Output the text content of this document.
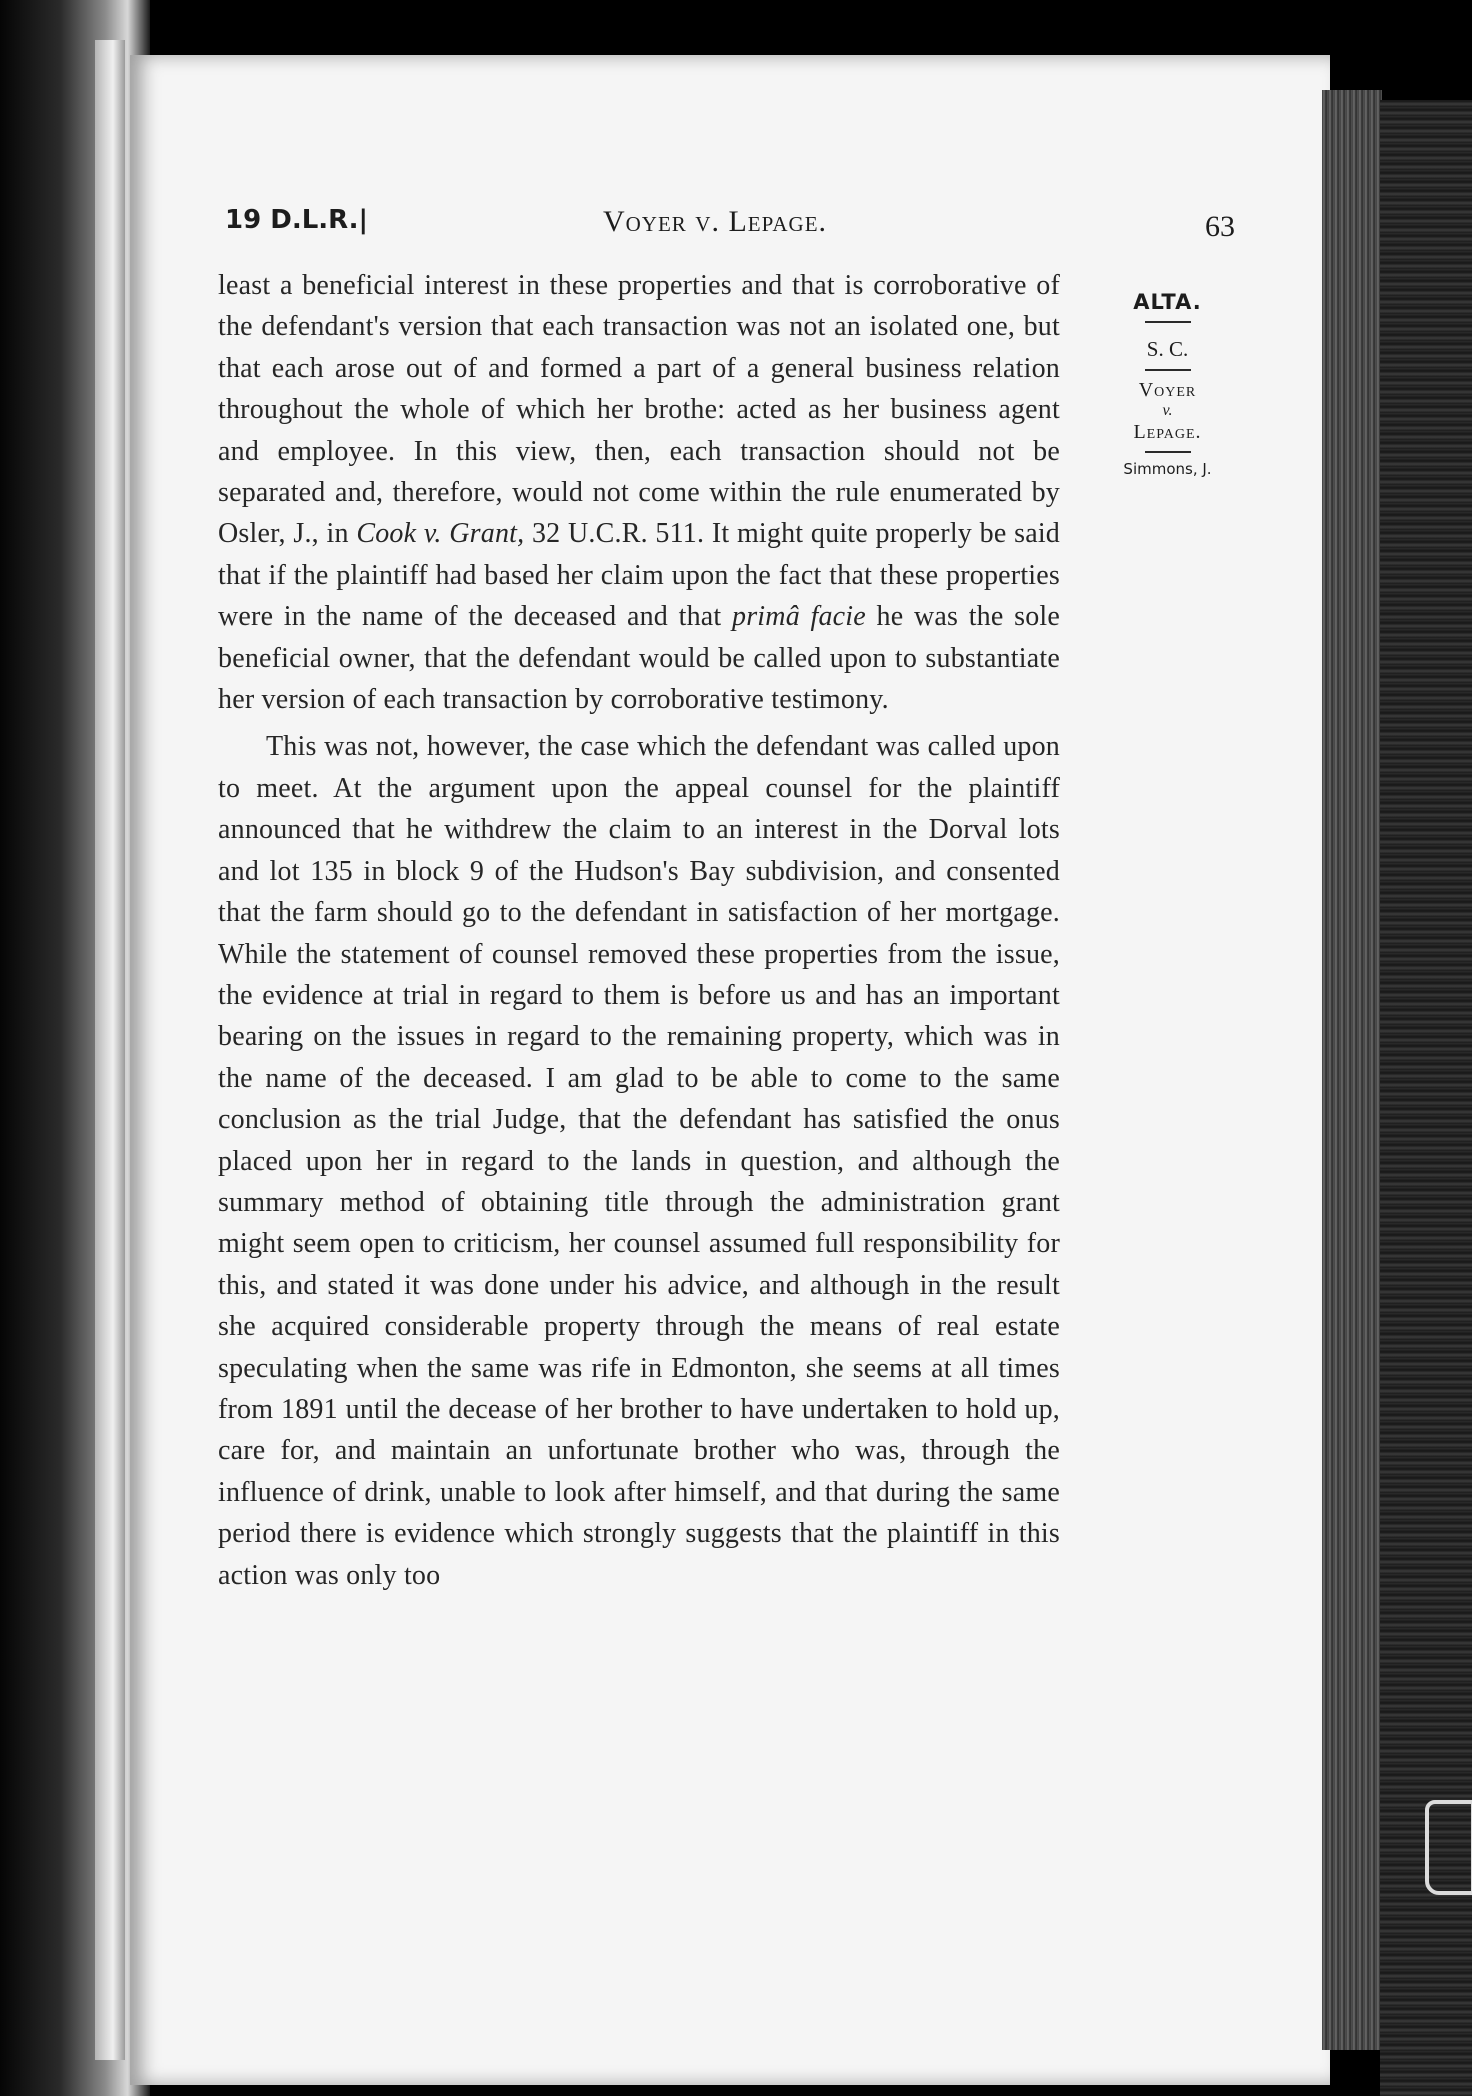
19 D.L.R.|	Voyer v. Lepage.	63
ALTA.
S. C.
Voyer
v.
Lepage.
Simmons, J.

least a beneficial interest in these properties and that is corroborative of the defendant's version that each transaction was not an isolated one, but that each arose out of and formed a part of a general business relation throughout the whole of which her brothe: acted as her business agent and employee. In this view, then, each transaction should not be separated and, therefore, would not come within the rule enumerated by Osler, J., in Cook v. Grant, 32 U.C.R. 511. It might quite properly be said that if the plaintiff had based her claim upon the fact that these properties were in the name of the deceased and that primâ facie he was the sole beneficial owner, that the defendant would be called upon to substantiate her version of each transaction by corroborative testimony.

This was not, however, the case which the defendant was called upon to meet. At the argument upon the appeal counsel for the plaintiff announced that he withdrew the claim to an interest in the Dorval lots and lot 135 in block 9 of the Hudson's Bay subdivision, and consented that the farm should go to the defendant in satisfaction of her mortgage. While the statement of counsel removed these properties from the issue, the evidence at trial in regard to them is before us and has an important bearing on the issues in regard to the remaining property, which was in the name of the deceased. I am glad to be able to come to the same conclusion as the trial Judge, that the defendant has satisfied the onus placed upon her in regard to the lands in question, and although the summary method of obtaining title through the administration grant might seem open to criticism, her counsel assumed full responsibility for this, and stated it was done under his advice, and although in the result she acquired considerable property through the means of real estate speculating when the same was rife in Edmonton, she seems at all times from 1891 until the decease of her brother to have undertaken to hold up, care for, and maintain an unfortunate brother who was, through the influence of drink, unable to look after himself, and that during the same period there is evidence which strongly suggests that the plaintiff in this action was only too
